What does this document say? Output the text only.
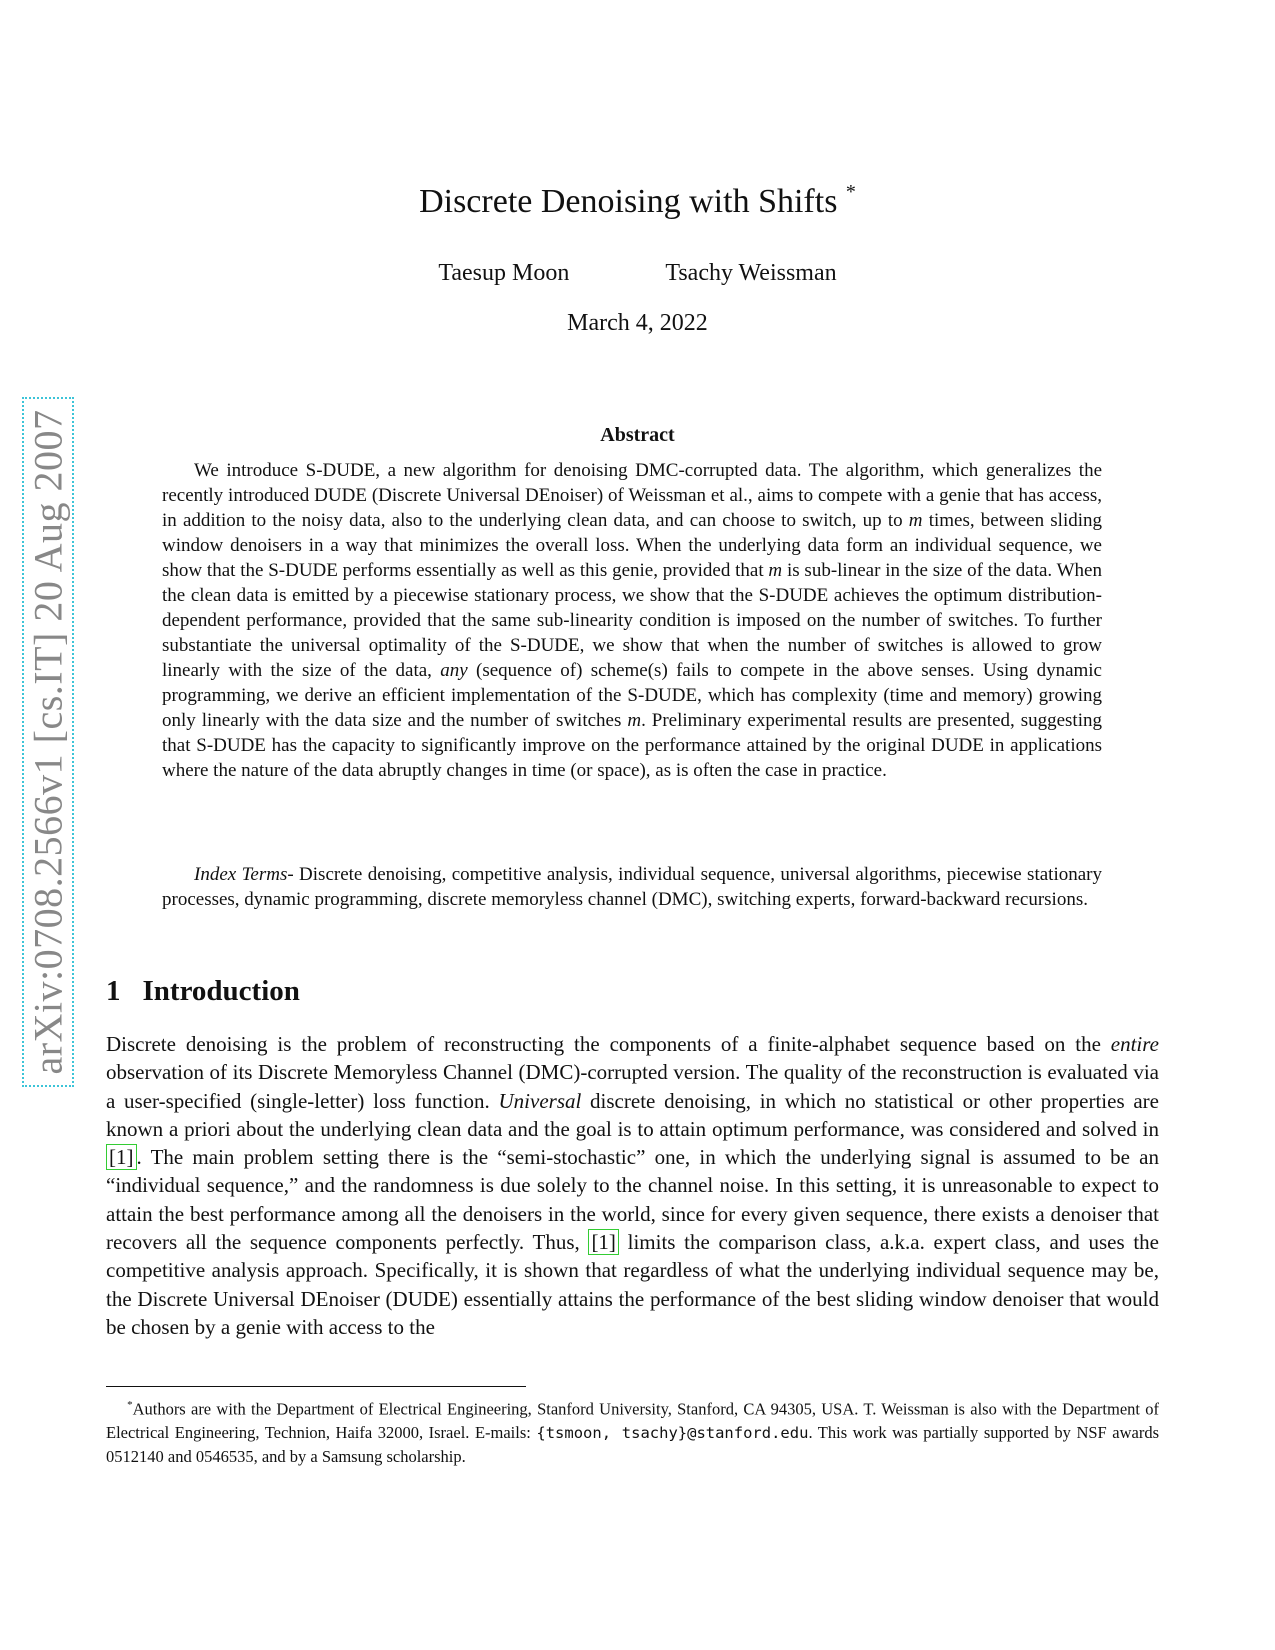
arXiv:0708.2566v1 [cs.IT] 20 Aug 2007
Discrete Denoising with Shifts *
Taesup Moon	Tsachy Weissman
March 4, 2022
Abstract
We introduce S-DUDE, a new algorithm for denoising DMC-corrupted data. The algorithm, which generalizes the recently introduced DUDE (Discrete Universal DEnoiser) of Weissman et al., aims to compete with a genie that has access, in addition to the noisy data, also to the underlying clean data, and can choose to switch, up to m times, between sliding window denoisers in a way that minimizes the overall loss. When the underlying data form an individual sequence, we show that the S-DUDE performs essentially as well as this genie, provided that m is sub-linear in the size of the data. When the clean data is emitted by a piecewise stationary process, we show that the S-DUDE achieves the optimum distribution-dependent performance, provided that the same sub-linearity condition is imposed on the number of switches. To further substantiate the universal optimality of the S-DUDE, we show that when the number of switches is allowed to grow linearly with the size of the data, any (sequence of) scheme(s) fails to compete in the above senses. Using dynamic programming, we derive an efficient implementation of the S-DUDE, which has complexity (time and memory) growing only linearly with the data size and the number of switches m. Preliminary experimental results are presented, suggesting that S-DUDE has the capacity to significantly improve on the performance attained by the original DUDE in applications where the nature of the data abruptly changes in time (or space), as is often the case in practice.
Index Terms- Discrete denoising, competitive analysis, individual sequence, universal algorithms, piecewise stationary processes, dynamic programming, discrete memoryless channel (DMC), switching experts, forward-backward recursions.
1 Introduction
Discrete denoising is the problem of reconstructing the components of a finite-alphabet sequence based on the entire observation of its Discrete Memoryless Channel (DMC)-corrupted version. The quality of the reconstruction is evaluated via a user-specified (single-letter) loss function. Universal discrete denoising, in which no statistical or other properties are known a priori about the underlying clean data and the goal is to attain optimum performance, was considered and solved in [1] . The main problem setting there is the “semi-stochastic” one, in which the underlying signal is assumed to be an “individual sequence,” and the randomness is due solely to the channel noise. In this setting, it is unreasonable to expect to attain the best performance among all the denoisers in the world, since for every given sequence, there exists a denoiser that recovers all the sequence components perfectly. Thus, [1] limits the comparison class, a.k.a. expert class, and uses the competitive analysis approach. Specifically, it is shown that regardless of what the underlying individual sequence may be, the Discrete Universal DEnoiser (DUDE) essentially attains the performance of the best sliding window denoiser that would be chosen by a genie with access to the
*Authors are with the Department of Electrical Engineering, Stanford University, Stanford, CA 94305, USA. T. Weissman is also with the Department of Electrical Engineering, Technion, Haifa 32000, Israel. E-mails: {tsmoon, tsachy}@stanford.edu. This work was partially supported by NSF awards 0512140 and 0546535, and by a Samsung scholarship.
